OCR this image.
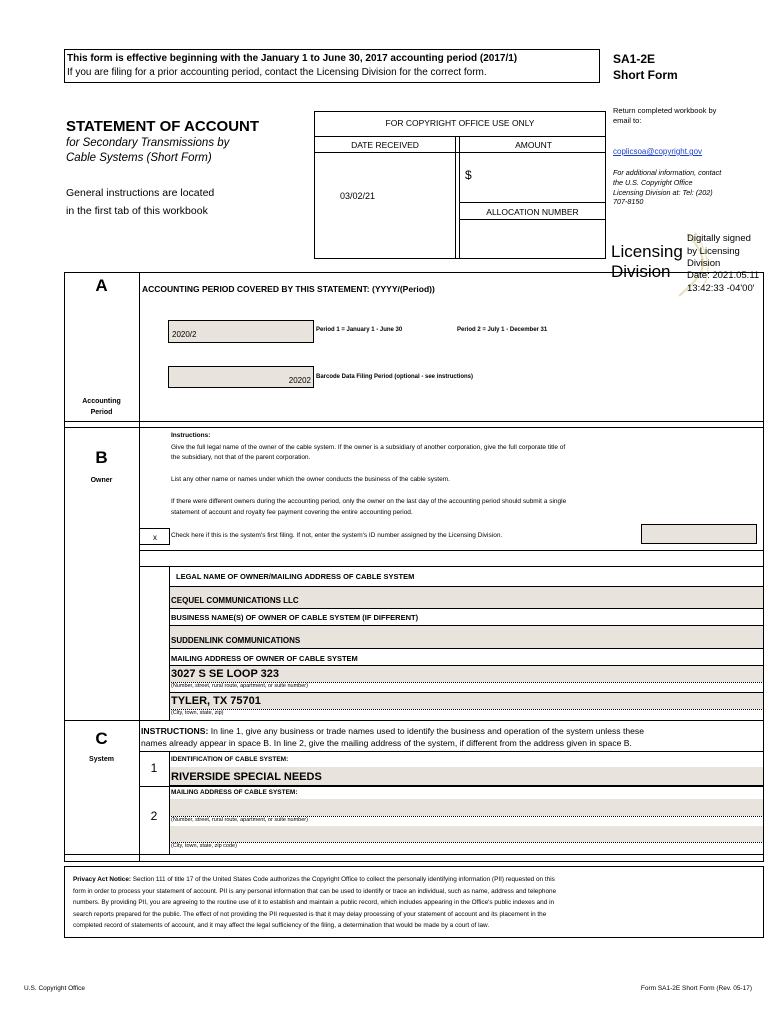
This form is effective beginning with the January 1 to June 30, 2017 accounting period (2017/1)
If you are filing for a prior accounting period, contact the Licensing Division for the correct form.
SA1-2E
Short Form
STATEMENT OF ACCOUNT
for Secondary Transmissions by
Cable Systems (Short Form)
General instructions are located
in the first tab of this workbook
FOR COPYRIGHT OFFICE USE ONLY
DATE RECEIVED	AMOUNT
03/02/21
$
ALLOCATION NUMBER
Return completed workbook by email to:
coplicsoa@copyright.gov
For additional information, contact the U.S. Copyright Office Licensing Division at: Tel: (202) 707-8150
Licensing
Division
Digitally signed
by Licensing
Division
Date: 2021.05.11
13:42:33 -04'00'
A
Accounting
Period
ACCOUNTING PERIOD COVERED BY THIS STATEMENT: (YYYY/(Period))
2020/2	Period 1 = January 1 - June 30	Period 2 = July 1 - December 31
20202 Barcode Data Filing Period (optional - see instructions)
B
Owner
Instructions:
Give the full legal name of the owner of the cable system. If the owner is a subsidiary of another corporation, give the full corporate title of
the subsidiary, not that of the parent corporation.
List any other name or names under which the owner conducts the business of the cable system.
If there were different owners during the accounting period, only the owner on the last day of the accounting period should submit a single
statement of account and royalty fee payment covering the entire accounting period.
x Check here if this is the system's first filing. If not, enter the system's ID number assigned by the Licensing Division.
LEGAL NAME OF OWNER/MAILING ADDRESS OF CABLE SYSTEM
CEQUEL COMMUNICATIONS LLC
BUSINESS NAME(S) OF OWNER OF CABLE SYSTEM (IF DIFFERENT)
SUDDENLINK COMMUNICATIONS
MAILING ADDRESS OF OWNER OF CABLE SYSTEM
3027 S SE LOOP 323
(Number, street, rural route, apartment, or suite number)
TYLER, TX 75701
(City, town, state, zip)
C
System
INSTRUCTIONS: In line 1, give any business or trade names used to identify the business and operation of the system unless these
names already appear in space B. In line 2, give the mailing address of the system, if different from the address given in space B.
1
IDENTIFICATION OF CABLE SYSTEM:
RIVERSIDE SPECIAL NEEDS
2
MAILING ADDRESS OF CABLE SYSTEM:
(Number, street, rural route, apartment, or suite number)
(City, town, state, zip code)
Privacy Act Notice: Section 111 of title 17 of the United States Code authorizes the Copyright Office to collect the personally identifying information (PII) requested on this
form in order to process your statement of account. PII is any personal information that can be used to identify or trace an individual, such as name, address and telephone
numbers. By providing PII, you are agreeing to the routine use of it to establish and maintain a public record, which includes appearing in the Office's public indexes and in
search reports prepared for the public. The effect of not providing the PII requested is that it may delay processing of your statement of account and its placement in the
completed record of statements of account, and it may affect the legal sufficiency of the filing, a determination that would be made by a court of law.
U.S. Copyright Office	Form SA1-2E Short Form (Rev. 05-17)
